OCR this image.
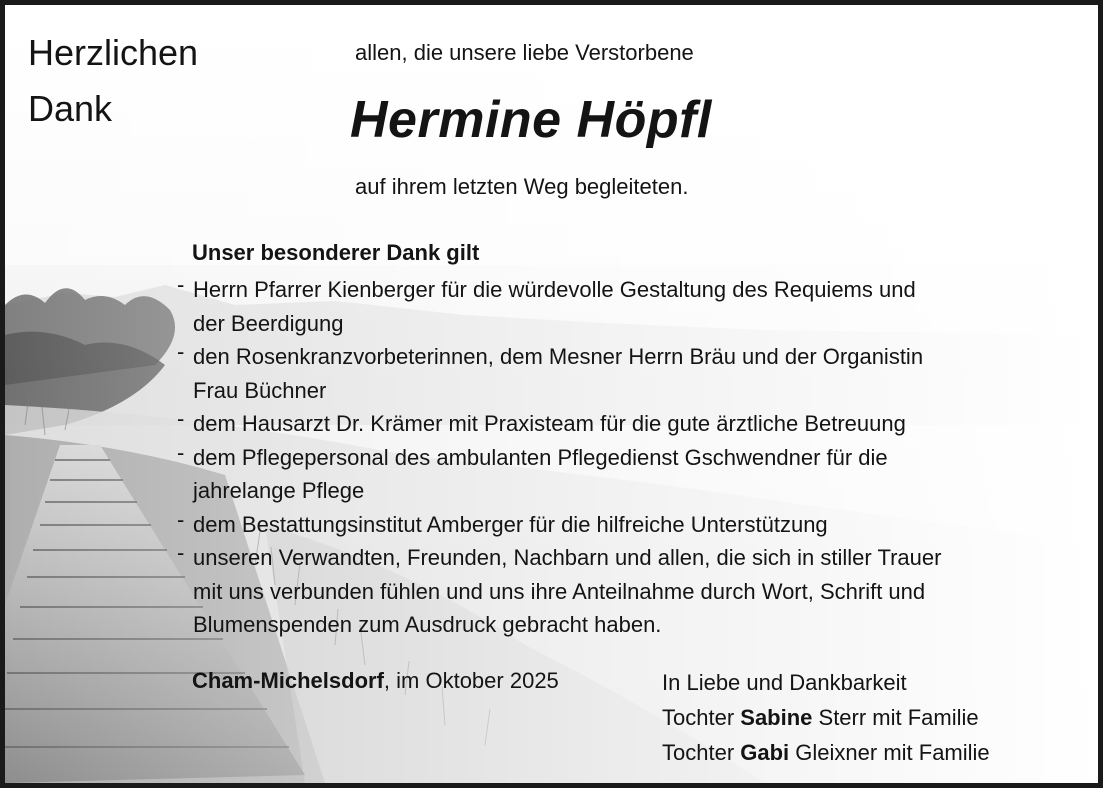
Herzlichen
Dank
allen, die unsere liebe Verstorbene
Hermine Höpfl
auf ihrem letzten Weg begleiteten.
Unser besonderer Dank gilt
- Herrn Pfarrer Kienberger für die würdevolle Gestaltung des Requiems und
der Beerdigung
- den Rosenkranzvorbeterinnen, dem Mesner Herrn Bräu und der Organistin
Frau Büchner
- dem Hausarzt Dr. Krämer mit Praxisteam für die gute ärztliche Betreuung
- dem Pflegepersonal des ambulanten Pflegedienst Gschwendner für die
jahrelange Pflege
- dem Bestattungsinstitut Amberger für die hilfreiche Unterstützung
- unseren Verwandten, Freunden, Nachbarn und allen, die sich in stiller Trauer
mit uns verbunden fühlen und uns ihre Anteilnahme durch Wort, Schrift und
Blumenspenden zum Ausdruck gebracht haben.
Cham-Michelsdorf, im Oktober 2025	In Liebe und Dankbarkeit
Tochter Sabine Sterr mit Familie
Tochter Gabi Gleixner mit Familie
